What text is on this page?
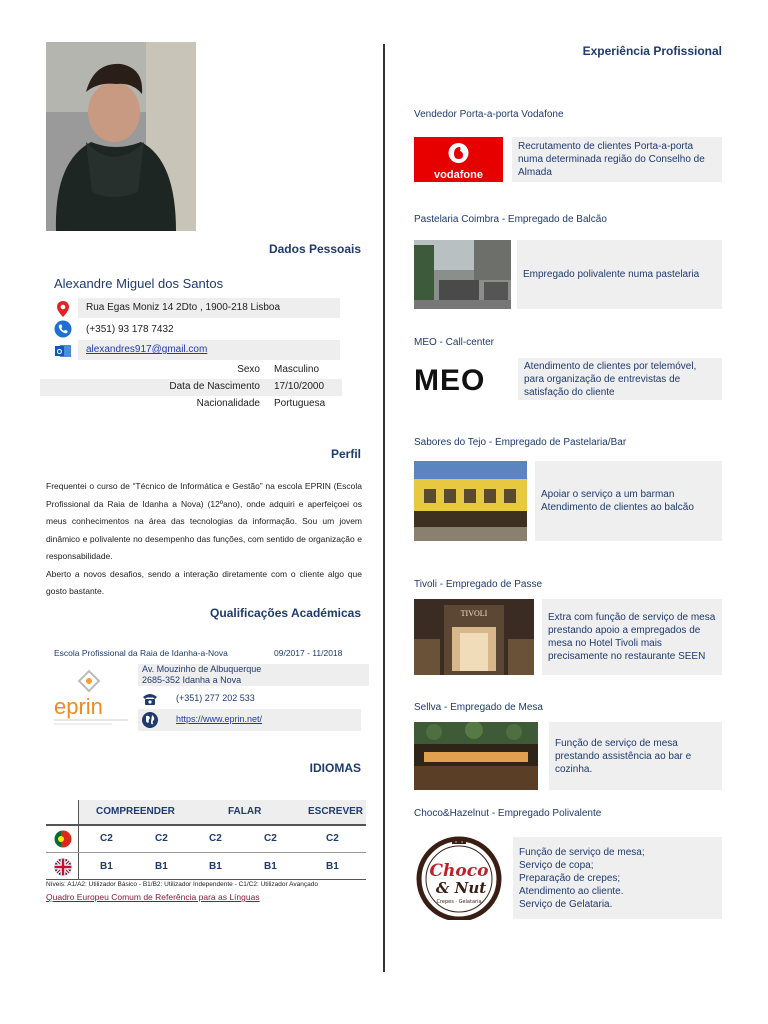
Dados Pessoais
Alexandre Miguel dos Santos
Rua Egas Moniz 14 2Dto , 1900-218 Lisboa
(+351) 93 178 7432
O	alexandres917@gmail.com
Sexo Masculino
Data de Nascimento 17/10/2000
Nacionalidade Portuguesa
Perfil
Frequentei o curso de “Técnico de Informática e Gestão” na escola EPRIN (Escola Profissional da Raia de Idanha a Nova) (12ºano), onde adquiri e aperfeiçoei os meus conhecimentos na área das tecnologias da informação. Sou um jovem dinâmico e polivalente no desempenho das funções, com sentido de organização e responsabilidade.
Aberto a novos desafios, sendo a interação diretamente com o cliente algo que gosto bastante.
Qualificações Académicas
Escola Profissional da Raia de Idanha-a-Nova	09/2017 - 11/2018
eprin
Av. Mouzinho de Albuquerque
2685-352 Idanha a Nova
(+351) 277 202 533
https://www.eprin.net/
IDIOMAS
COMPREENDER	FALAR	ESCREVER
C2	C2	C2	C2	C2
B1	B1	B1	B1	B1
Níveis: A1/A2: Utilizador Básico - B1/B2: Utilizador Independente - C1/C2: Utilizador Avançado
Quadro Europeu Comum de Referência para as Línguas
Experiência Profissional
Vendedor Porta-a-porta Vodafone
vodafone
Recrutamento de clientes Porta-a-porta numa determinada região do Conselho de Almada
Pastelaria Coimbra - Empregado de Balcão
Empregado polivalente numa pastelaria
MEO - Call-center
MEO	Atendimento de clientes por telemóvel, para organização de entrevistas de satisfação do cliente
Sabores do Tejo - Empregado de Pastelaria/Bar
Apoiar o serviço a um barman
Atendimento de clientes ao balcão
Tivoli - Empregado de Passe
TIVOLI	Extra com função de serviço de mesa prestando apoio a empregados de mesa no Hotel Tivoli mais precisamente no restaurante SEEN
Sellva - Empregado de Mesa
Função de serviço de mesa prestando assistência ao bar e cozinha.
Choco&Hazelnut - Empregado Polivalente
Choco
& Nut
Crepes · Gelataria
Função de serviço de mesa;
Serviço de copa;
Preparação de crepes;
Atendimento ao cliente.
Serviço de Gelataria.
